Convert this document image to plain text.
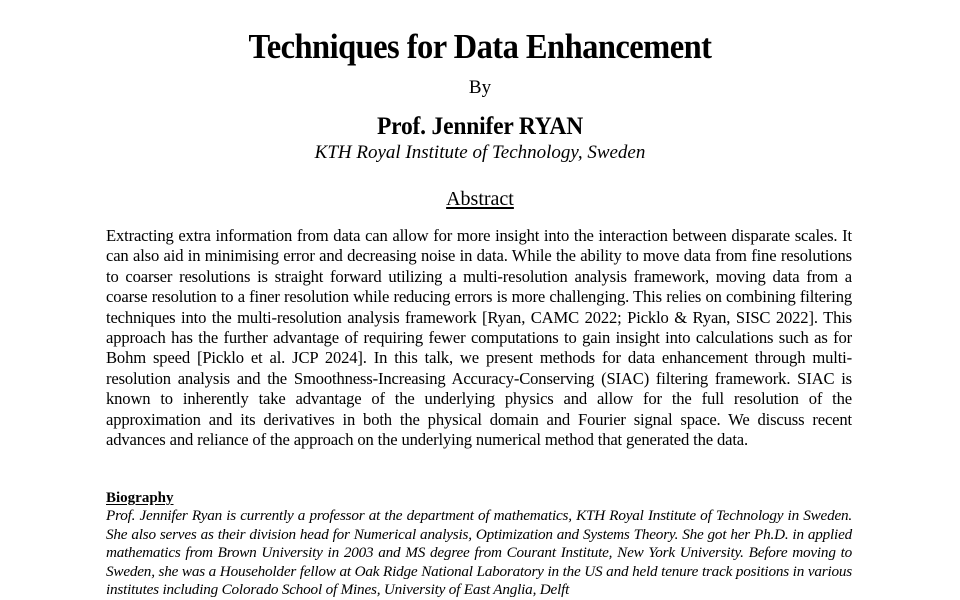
Techniques for Data Enhancement
By
Prof. Jennifer RYAN
KTH Royal Institute of Technology, Sweden
Abstract
Extracting extra information from data can allow for more insight into the interaction between disparate scales. It can also aid in minimising error and decreasing noise in data. While the ability to move data from fine resolutions to coarser resolutions is straight forward utilizing a multi-resolution analysis framework, moving data from a coarse resolution to a finer resolution while reducing errors is more challenging. This relies on combining filtering techniques into the multi-resolution analysis framework [Ryan, CAMC 2022; Picklo & Ryan, SISC 2022]. This approach has the further advantage of requiring fewer computations to gain insight into calculations such as for Bohm speed [Picklo et al. JCP 2024]. In this talk, we present methods for data enhancement through multi-resolution analysis and the Smoothness-Increasing Accuracy-Conserving (SIAC) filtering framework. SIAC is known to inherently take advantage of the underlying physics and allow for the full resolution of the approximation and its derivatives in both the physical domain and Fourier signal space. We discuss recent advances and reliance of the approach on the underlying numerical method that generated the data.
Biography
Prof. Jennifer Ryan is currently a professor at the department of mathematics, KTH Royal Institute of Technology in Sweden. She also serves as their division head for Numerical analysis, Optimization and Systems Theory. She got her Ph.D. in applied mathematics from Brown University in 2003 and MS degree from Courant Institute, New York University. Before moving to Sweden, she was a Householder fellow at Oak Ridge National Laboratory in the US and held tenure track positions in various institutes including Colorado School of Mines, University of East Anglia, Delft
